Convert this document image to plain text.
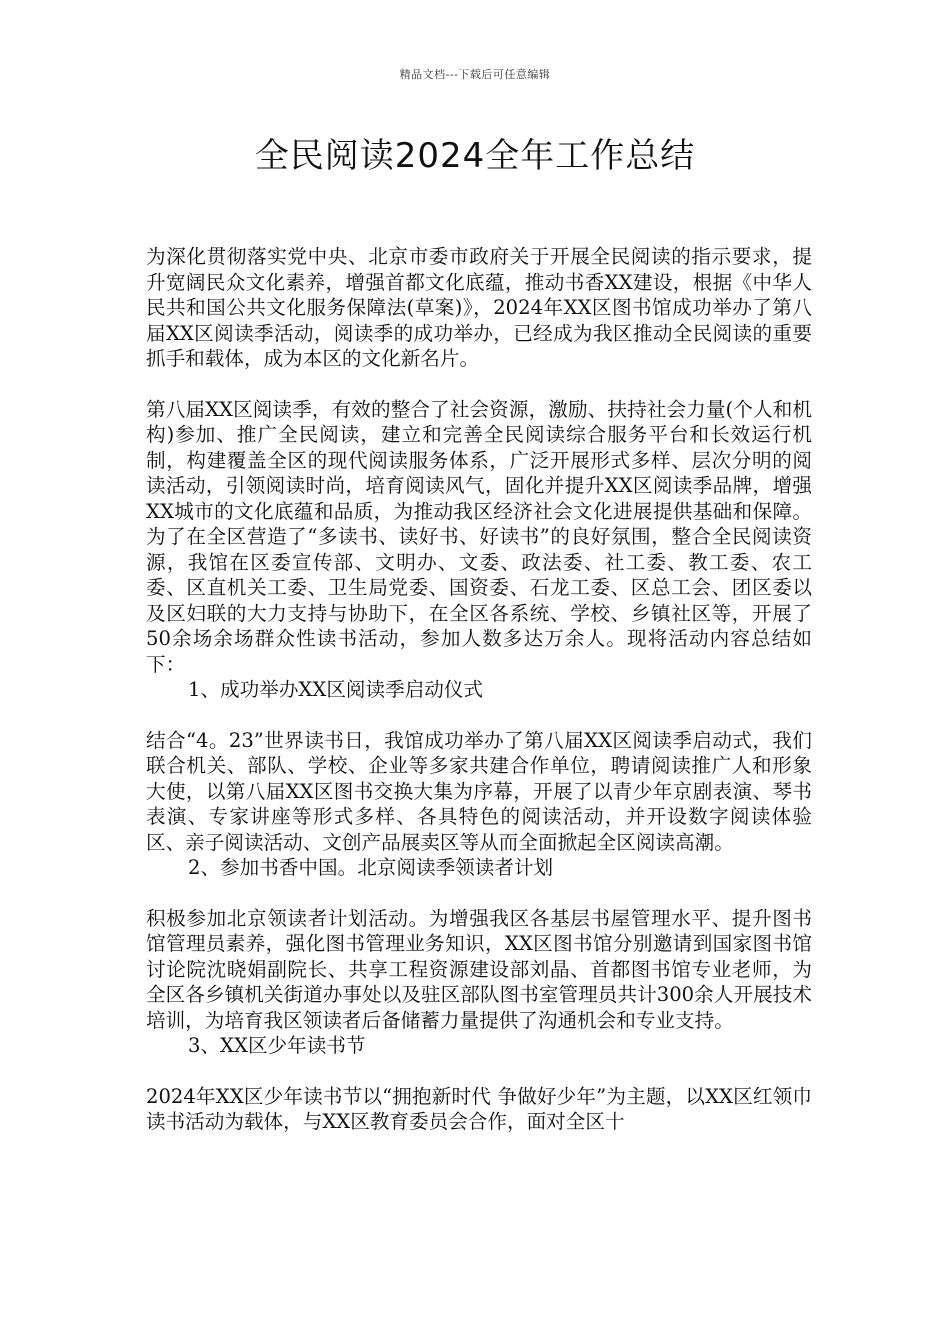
精品文档---下载后可任意编辑
全民阅读2024全年工作总结

为深化贯彻落实党中央、北京市委市政府关于开展全民阅读的指示要求，提升宽阔民众文化素养，增强首都文化底蕴，推动书香XX建设，根据《中华人民共和国公共文化服务保障法(草案)》，2024年XX区图书馆成功举办了第八届XX区阅读季活动，阅读季的成功举办，已经成为我区推动全民阅读的重要抓手和载体，成为本区的文化新名片。

第八届XX区阅读季，有效的整合了社会资源，激励、扶持社会力量(个人和机构)参加、推广全民阅读，建立和完善全民阅读综合服务平台和长效运行机制，构建覆盖全区的现代阅读服务体系，广泛开展形式多样、层次分明的阅读活动，引领阅读时尚，培育阅读风气，固化并提升XX区阅读季品牌，增强XX城市的文化底蕴和品质，为推动我区经济社会文化进展提供基础和保障。为了在全区营造了“多读书、读好书、好读书”的良好氛围，整合全民阅读资源，我馆在区委宣传部、文明办、文委、政法委、社工委、教工委、农工委、区直机关工委、卫生局党委、国资委、石龙工委、区总工会、团区委以及区妇联的大力支持与协助下，在全区各系统、学校、乡镇社区等，开展了50余场余场群众性读书活动，参加人数多达万余人。现将活动内容总结如下：

1、成功举办XX区阅读季启动仪式

结合“4。23”世界读书日，我馆成功举办了第八届XX区阅读季启动式，我们联合机关、部队、学校、企业等多家共建合作单位，聘请阅读推广人和形象大使，以第八届XX区图书交换大集为序幕，开展了以青少年京剧表演、琴书表演、专家讲座等形式多样、各具特色的阅读活动，并开设数字阅读体验区、亲子阅读活动、文创产品展卖区等从而全面掀起全区阅读高潮。

2、参加书香中国。北京阅读季领读者计划

积极参加北京领读者计划活动。为增强我区各基层书屋管理水平、提升图书馆管理员素养，强化图书管理业务知识，XX区图书馆分别邀请到国家图书馆讨论院沈晓娟副院长、共享工程资源建设部刘晶、首都图书馆专业老师，为全区各乡镇机关街道办事处以及驻区部队图书室管理员共计300余人开展技术培训，为培育我区领读者后备储蓄力量提供了沟通机会和专业支持。

3、XX区少年读书节

2024年XX区少年读书节以“拥抱新时代 争做好少年”为主题，以XX区红领巾读书活动为载体，与XX区教育委员会合作，面对全区十
